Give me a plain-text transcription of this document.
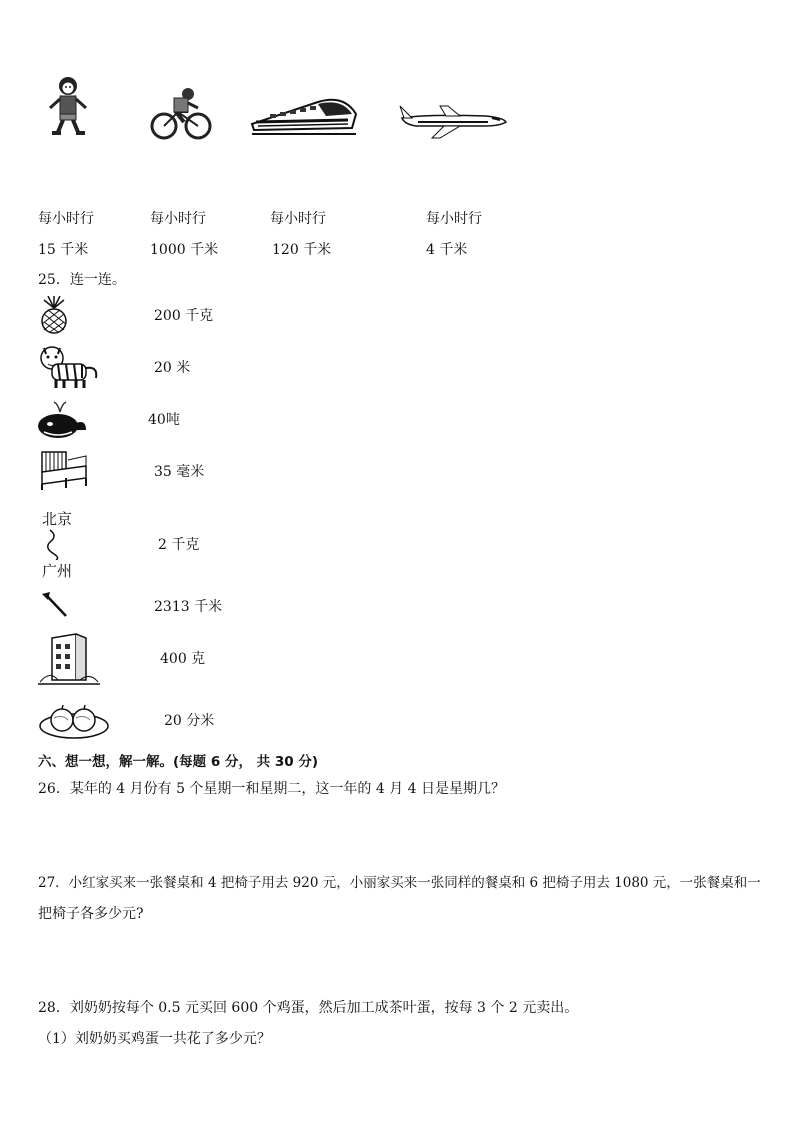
每小时行	每小时行	每小时行	每小时行
15 千米	1000 千米	120 千米	4 千米
25．连一连。
200 千克
20 米
40吨
35 毫米
北京
广州
2 千克
2313 千米
400 克
20 分米
六、想一想，解一解。(每题 6 分， 共 30 分)
26．某年的 4 月份有 5 个星期一和星期二，这一年的 4 月 4 日是星期几？
27．小红家买来一张餐桌和 4 把椅子用去 920 元，小丽家买来一张同样的餐桌和 6 把椅子用去 1080 元，一张餐桌和一
把椅子各多少元?
28．刘奶奶按每个 0.5 元买回 600 个鸡蛋，然后加工成茶叶蛋，按每 3 个 2 元卖出。
（1）刘奶奶买鸡蛋一共花了多少元？
